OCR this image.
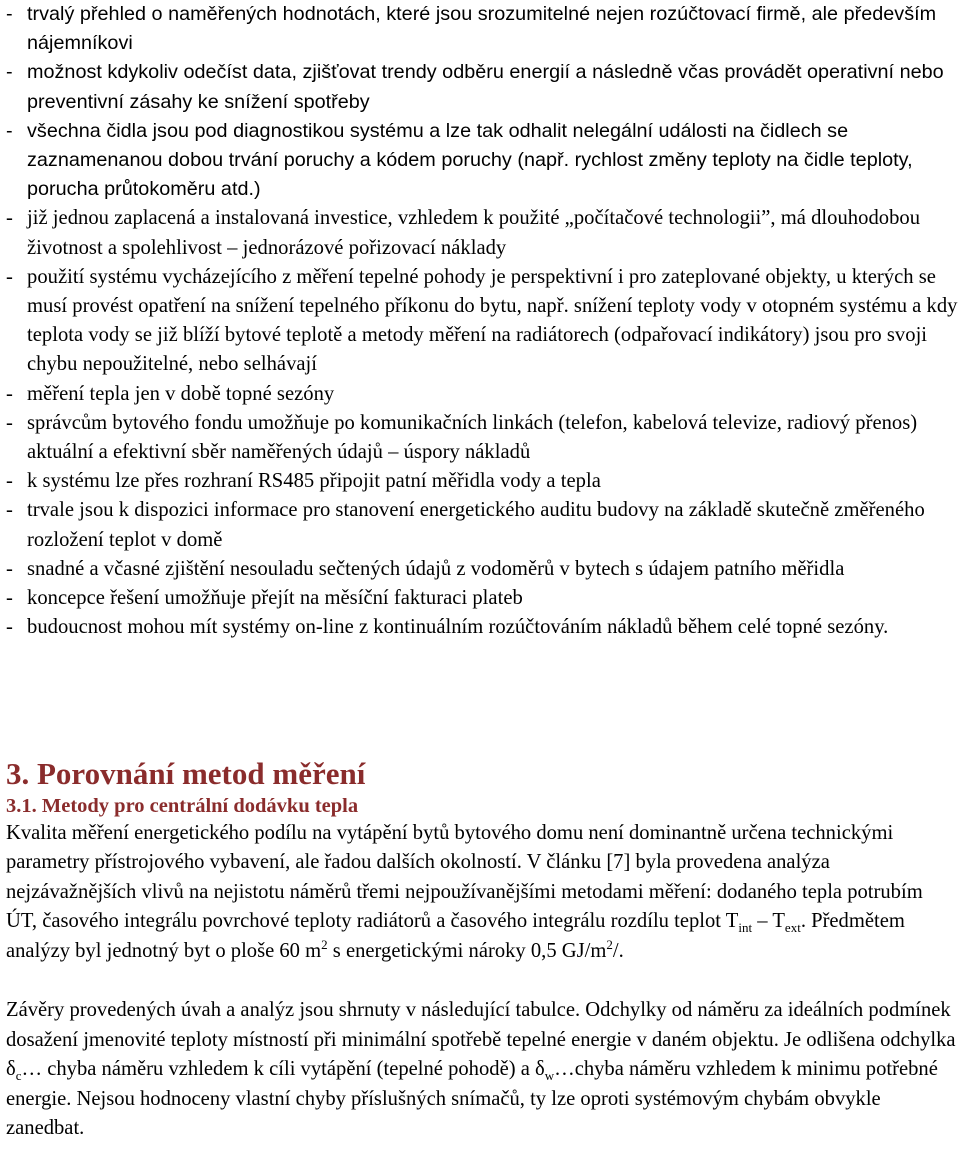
- trvalý přehled o naměřených hodnotách, které jsou srozumitelné nejen rozúčtovací firmě, ale především nájemníkovi
- možnost kdykoliv odečíst data, zjišťovat trendy odběru energií a následně včas provádět operativní nebo preventivní zásahy ke snížení spotřeby
- všechna čidla jsou pod diagnostikou systému a lze tak odhalit nelegální události na čidlech se zaznamenanou dobou trvání poruchy a kódem poruchy (např. rychlost změny teploty na čidle teploty, porucha průtokoměru atd.)
- již jednou zaplacená a instalovaná investice, vzhledem k použité „počítačové technologii”, má dlouhodobou životnost a spolehlivost – jednorázové pořizovací náklady
- použití systému vycházejícího z měření tepelné pohody je perspektivní i pro zateplované objekty, u kterých se musí provést opatření na snížení tepelného příkonu do bytu, např. snížení teploty vody v otopném systému a kdy teplota vody se již blíží bytové teplotě a metody měření na radiátorech (odpařovací indikátory) jsou pro svoji chybu nepoužitelné, nebo selhávají
- měření tepla jen v době topné sezóny
- správcům bytového fondu umožňuje po komunikačních linkách (telefon, kabelová televize, radiový přenos) aktuální a efektivní sběr naměřených údajů – úspory nákladů
- k systému lze přes rozhraní RS485 připojit patní měřidla vody a tepla
- trvale jsou k dispozici informace pro stanovení energetického auditu budovy na základě skutečně změřeného rozložení teplot v domě
- snadné a včasné zjištění nesouladu sečtených údajů z vodoměrů v bytech s údajem patního měřidla
- koncepce řešení umožňuje přejít na měsíční fakturaci plateb
- budoucnost mohou mít systémy on-line z kontinuálním rozúčtováním nákladů během celé topné sezóny.
3. Porovnání metod měření
3.1. Metody pro centrální dodávku tepla

Kvalita měření energetického podílu na vytápění bytů bytového domu není dominantně určena technickými parametry přístrojového vybavení, ale řadou dalších okolností. V článku [7] byla provedena analýza nejzávažnějších vlivů na nejistotu náměrů třemi nejpoužívanějšími metodami měření: dodaného tepla potrubím ÚT, časového integrálu povrchové teploty radiátorů a časového integrálu rozdílu teplot $T_{int} - T_{ext}$. Předmětem analýzy byl jednotný byt o ploše 60 $m^2$ s energetickými nároky 0,5 $GJ/m^2/$.

Závěry provedených úvah a analýz jsou shrnuty v následující tabulce. Odchylky od náměru za ideálních podmínek dosažení jmenovité teploty místností při minimální spotřebě tepelné energie v daném objektu. Je odlišena odchylka $\delta_c\dots$ chyba náměru vzhledem k cíli vytápění (tepelné pohodě) a $\delta_w\dots chyba$ náměru vzhledem k minimu potřebné energie. Nejsou hodnoceny vlastní chyby příslušných snímačů, ty lze oproti systémovým chybám obvykle zanedbat.
